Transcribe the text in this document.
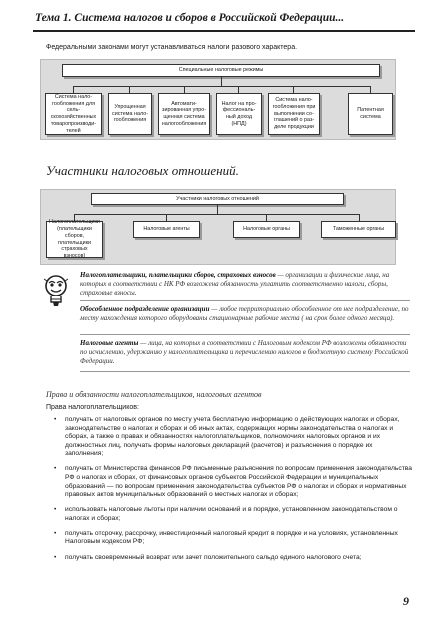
Тема 1. Система налогов и сборов в Российской Федерации...
Федеральными законами могут устанавливаться налоги разового характера.
Специальные налоговые режимы
Система нало-
гообложения для сель-
скохозяйственных
товаропроизводи-
телей
Упрощенная
система нало-
гообложения
Автомати-
зированная упро-
щенная система
налогообложения
Налог на про-
фессиональ-
ный доход
(НПД)
Система нало-
гообложения при
выполнении со-
глашений о раз-
деле продукции
Патентная
система
Участники налоговых отношений.
Участники налоговых отношений
Налогоплательщики
(плательщики сборов,
плательщики страховых
взносов)
Налоговые агенты	Налоговые органы	Таможенные органы
Налогоплательщики, плательщики сборов, страховых взносов — организации и физические лица, на которых в соответствии с НК РФ возложена обязанность уплатить соответственно налоги, сборы, страховые взносы.
Обособленное подразделение организации — любое территориально обособленное от нее подразделение, по месту нахождения которого оборудованы стационарные рабочие места ( на срок более одного месяца).
Налоговые агенты — лица, на которых в соответствии с Налоговым кодексом РФ возложены обязанности по исчислению, удержанию у налогоплательщика и перечислению налогов в бюджетную систему Российской Федерации.
Права и обязанности налогоплательщиков, налоговых агентов
Права налогоплательщиков:
• получать от налоговых органов по месту учета бесплатную информацию о действующих налогах и сборах, законодательстве о налогах и сборах и об иных актах, содержащих нормы законодательства о налогах и сборах, а также о правах и обязанностях налогоплательщиков, полномочиях налоговых органов и их должностных лиц, получать формы налоговых деклараций (расчетов) и разъяснения о порядке их заполнения;
• получать от Министерства финансов РФ письменные разъяснения по вопросам применения законодательства РФ о налогах и сборах, от финансовых органов субъектов Российской Федерации и муниципальных образований — по вопросам применения законодательства субъектов РФ о налогах и сборах и нормативных правовых актов муниципальных образований о местных налогах и сборах;
• использовать налоговые льготы при наличии оснований и в порядке, установленном законодательством о налогах и сборах;
• получать отсрочку, рассрочку, инвестиционный налоговый кредит в порядке и на условиях, установленных Налоговым кодексом РФ;
• получать своевременный возврат или зачет положительного сальдо единого налогового счета;
9
